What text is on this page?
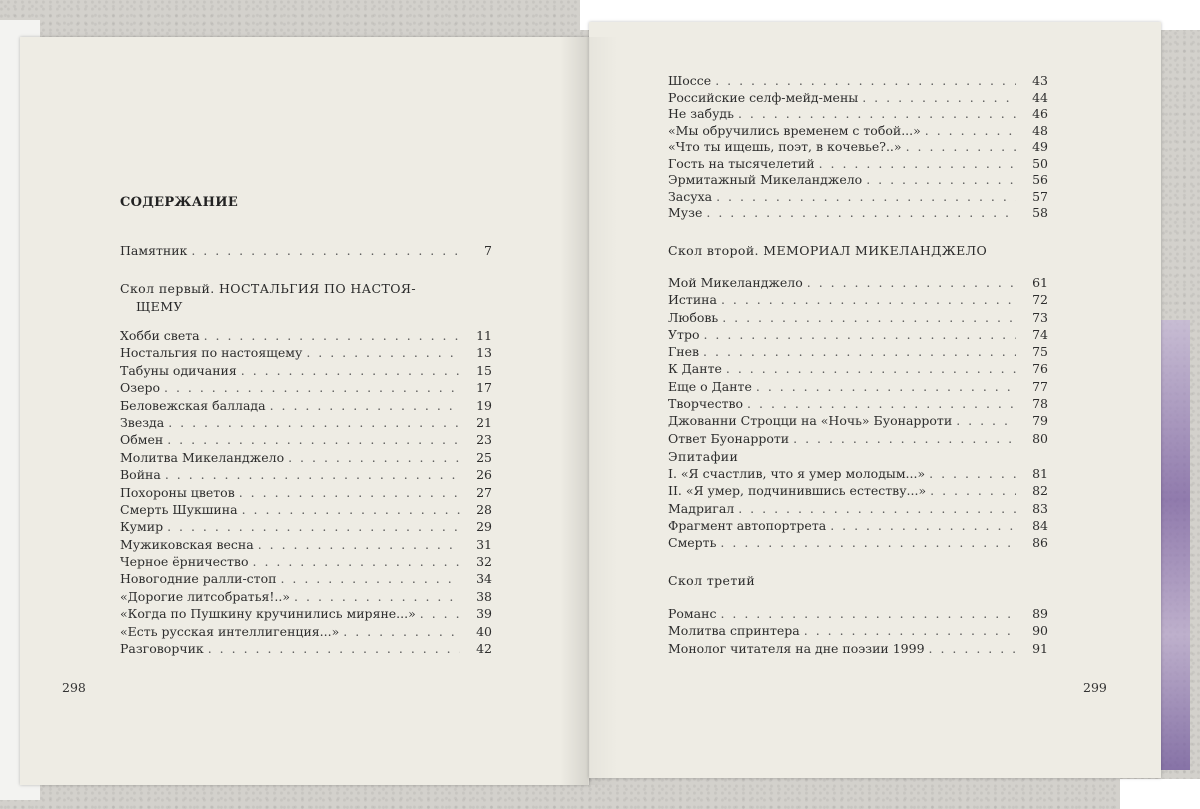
СОДЕРЖАНИЕ
Памятник . . .	7
Скол первый. НОСТАЛЬГИЯ ПО НАСТОЯ-
ЩЕМУ
Хобби света . . .	11
Ностальгия по настоящему . . .	13
Табуны одичания . . .	15
Озеро . . .	17
Беловежская баллада . . .	19
Звезда . . .	21
Обмен . . .	23
Молитва Микеланджело . . .	25
Война . . .	26
Похороны цветов . . .	27
Смерть Шукшина . . .	28
Кумир . . .	29
Мужиковская весна . . .	31
Черное ёрничество . . .	32
Новогодние ралли-стоп . . .	34
«Дорогие литсобратья!..» . . .	38
«Когда по Пушкину кручинились миряне...» . . .	39
«Есть русская интеллигенция...» . . .	40
Разговорчик . . .	42
298
Шоссе . . .	43
Российские селф-мейд-мены . . .	44
Не забудь . . .	46
«Мы обручились временем с тобой...» . . .	48
«Что ты ищешь, поэт, в кочевье?..» . . .	49
Гость на тысячелетий . . .	50
Эрмитажный Микеланджело . . .	56
Засуха . . .	57
Музе . . .	58
Скол второй. МЕМОРИАЛ МИКЕЛАНДЖЕЛО
Мой Микеланджело . . .	61
Истина . . .	72
Любовь . . .	73
Утро . . .	74
Гнев . . .	75
К Данте . . .	76
Еще о Данте . . .	77
Творчество . . .	78
Джованни Строцци на «Ночь» Буонарроти . . .	79
Ответ Буонарроти . . .	80
Эпитафии
I. «Я счастлив, что я умер молодым...» . . .	81
II. «Я умер, подчинившись естеству...» . . .	82
Мадригал . . .	83
Фрагмент автопортрета . . .	84
Смерть . . .	86
Скол третий
Романс . . .	89
Молитва спринтера . . .	90
Монолог читателя на дне поэзии 1999 . . .	91
299
